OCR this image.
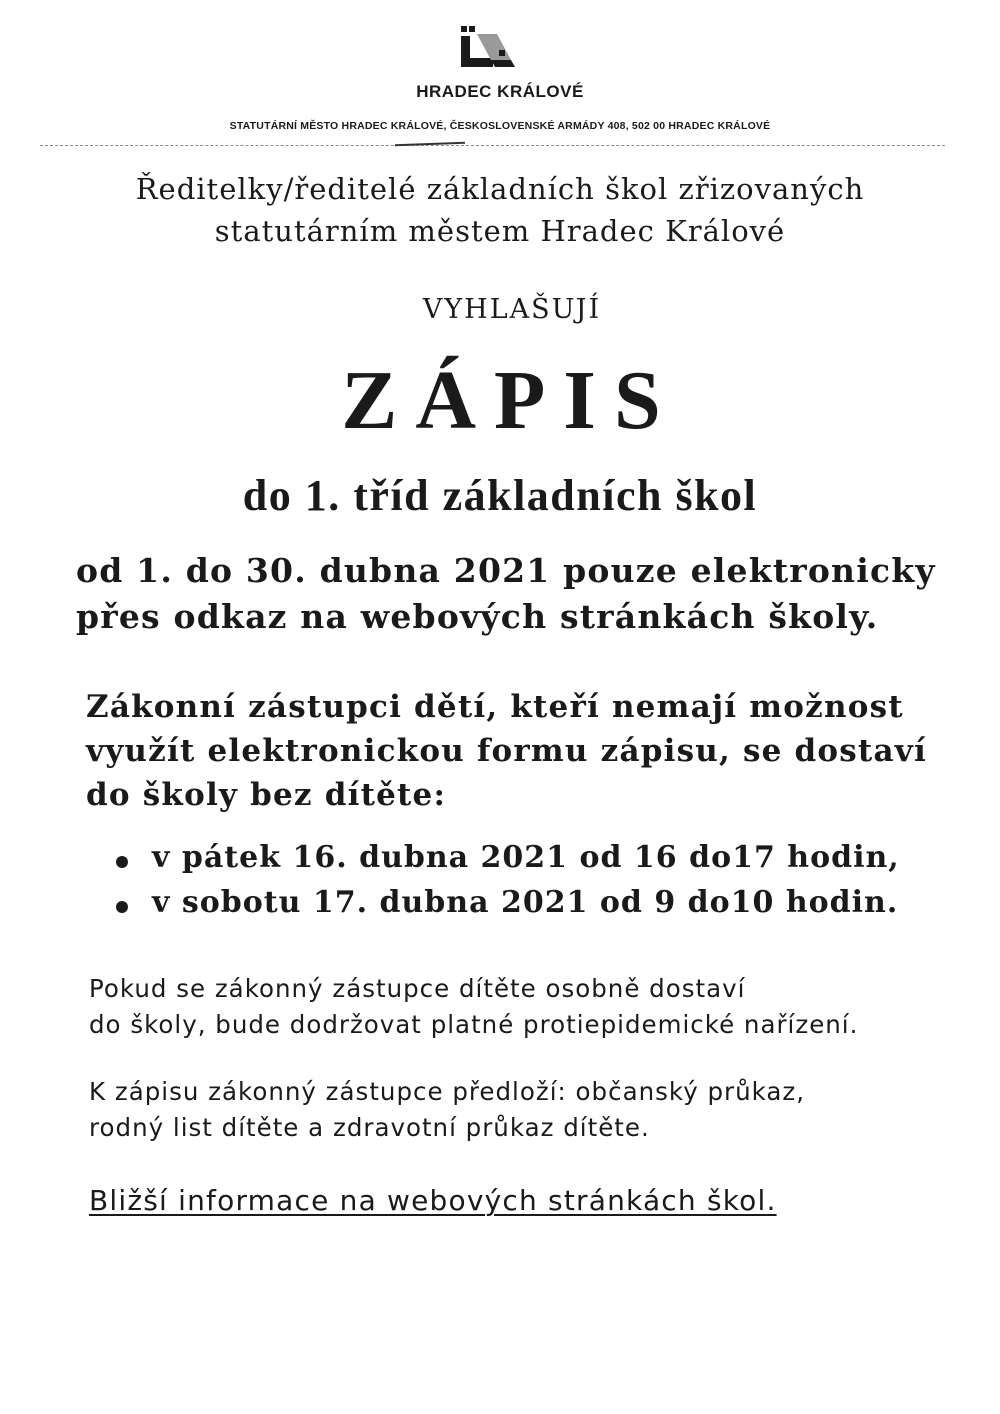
HRADEC KRÁLOVÉ
STATUTÁRNÍ MĚSTO HRADEC KRÁLOVÉ, ČESKOSLOVENSKÉ ARMÁDY 408, 502 00 HRADEC KRÁLOVÉ
Ředitelky/ředitelé základních škol zřizovaných
statutárním městem Hradec Králové
VYHLAŠUJÍ
ZÁPIS
do 1. tříd základních škol
od 1. do 30. dubna 2021 pouze elektronicky
přes odkaz na webových stránkách školy.
Zákonní zástupci dětí, kteří nemají možnost
využít elektronickou formu zápisu, se dostaví
do školy bez dítěte:
v pátek 16. dubna 2021 od 16 do17 hodin,
v sobotu 17. dubna 2021 od 9 do10 hodin.
Pokud se zákonný zástupce dítěte osobně dostaví
do školy, bude dodržovat platné protiepidemické nařízení.
K zápisu zákonný zástupce předloží: občanský průkaz,
rodný list dítěte a zdravotní průkaz dítěte.
Bližší informace na webových stránkách škol.
